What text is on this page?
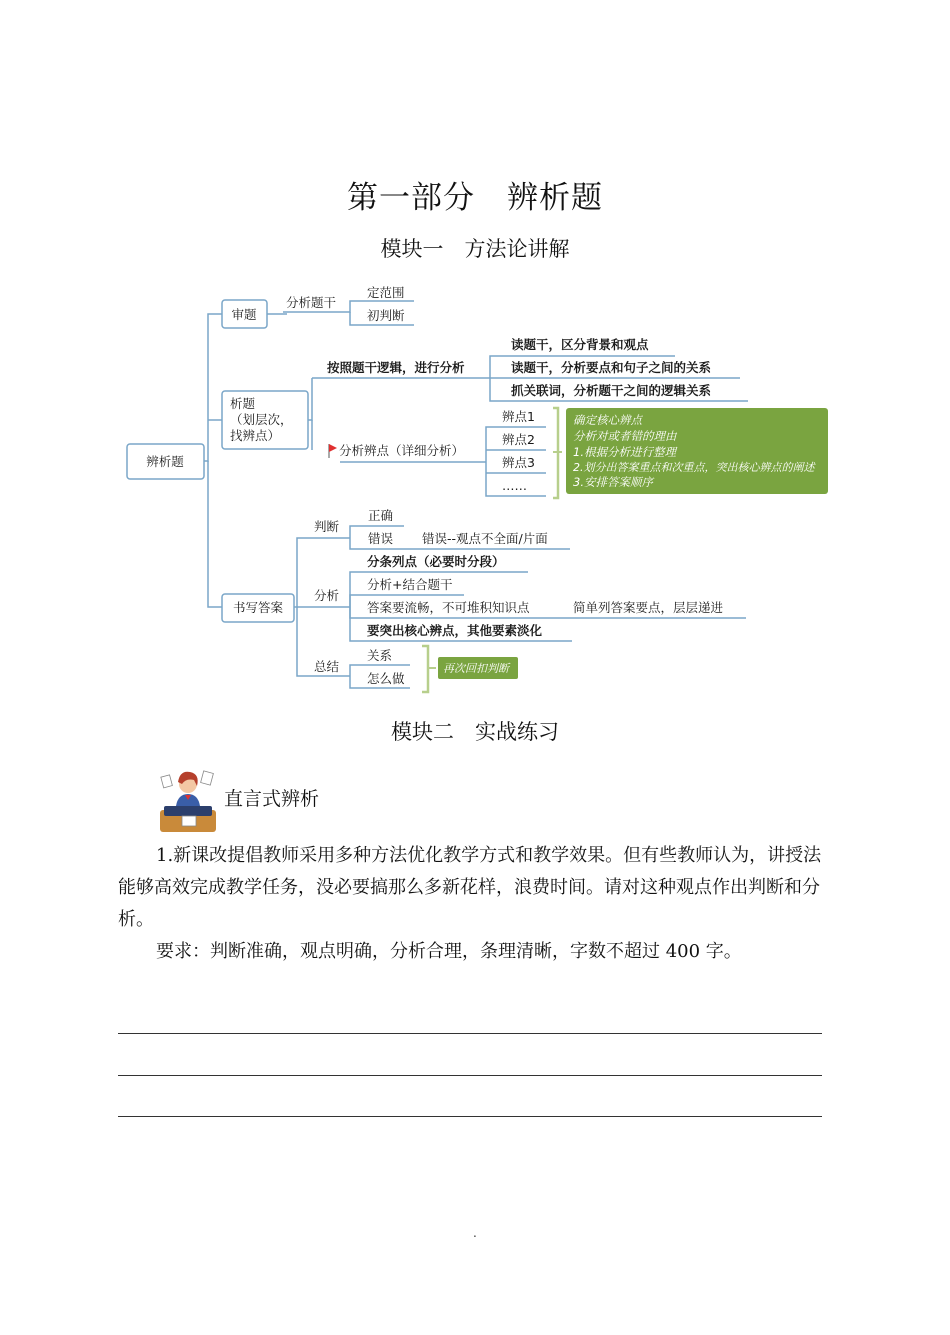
第一部分　辨析题
模块一　方法论讲解
辨析题
审题
分析题干
定范围
初判断
析题
（划层次，
找辨点）
按照题干逻辑，进行分析
读题干，区分背景和观点
读题干，分析要点和句子之间的关系
抓关联词，分析题干之间的逻辑关系
分析辨点（详细分析）
辨点1
辨点2
辨点3
……
确定核心辨点
分析对或者错的理由
1.根据分析进行整理
2.划分出答案重点和次重点，突出核心辨点的阐述
3.安排答案顺序
书写答案
判断
正确
错误 错误--观点不全面/片面
分析
分条列点（必要时分段）
分析+结合题干
答案要流畅，不可堆积知识点	简单列答案要点，层层递进
要突出核心辨点，其他要素淡化
总结
关系
怎么做
再次回扣判断
模块二　实战练习
直言式辨析
1.新课改提倡教师采用多种方法优化教学方式和教学效果。但有些教师认为，讲授法能够高效完成教学任务，没必要搞那么多新花样，浪费时间。请对这种观点作出判断和分析。
要求：判断准确，观点明确，分析合理，条理清晰，字数不超过 400 字。
.
